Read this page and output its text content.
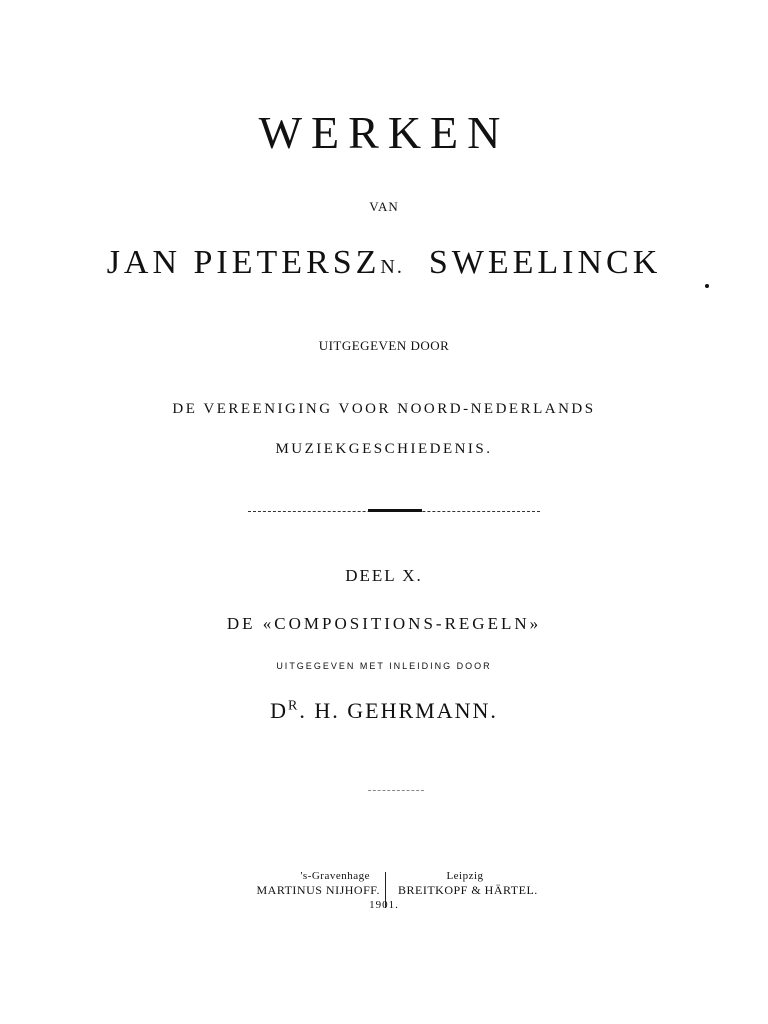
WERKEN
VAN
JAN PIETERSZN. SWEELINCK
UITGEGEVEN DOOR
DE VEREENIGING VOOR NOORD-NEDERLANDS
MUZIEKGESCHIEDENIS.
DEEL X.
DE «COMPOSITIONS-REGELN»
UITGEGEVEN MET INLEIDING DOOR
$D^R$. H. GEHRMANN.
's-Gravenhage
MARTINUS NIJHOFF.
Leipzig
BREITKOPF & HÄRTEL.
1901.
